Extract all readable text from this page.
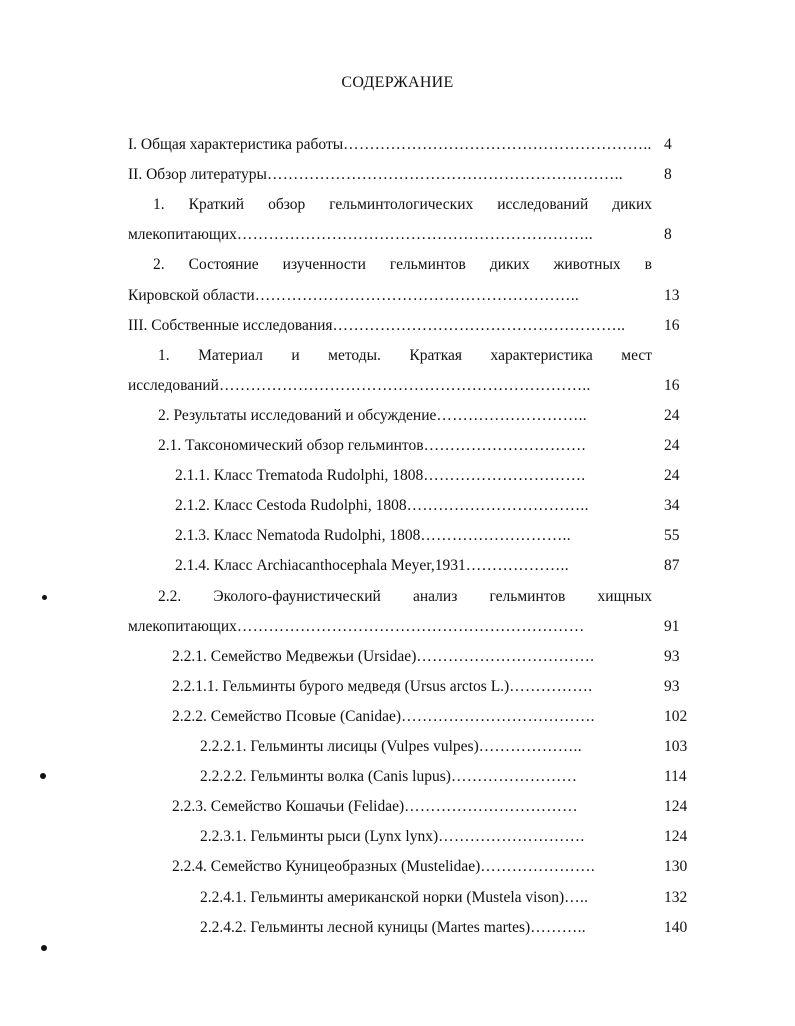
СОДЕРЖАНИЕ
I. Общая характеристика работы………………………………………………….. 4
II. Обзор литературы…………………………………………………………..	8
1. Краткий обзор гельминтологических исследований диких
млекопитающих…………………………………………………………..	8
2. Состояние изученности гельминтов диких животных в
Кировской области……………………………………………………..	13
III. Собственные исследования………………………………………………..	16
1. Материал и методы. Краткая характеристика мест
исследований……………………………………………………………..	16
2. Результаты исследований и обсуждение………………………..	24
2.1. Таксономический обзор гельминтов………………………….	24
2.1.1. Класс Trematoda Rudolphi, 1808………………………….	24
2.1.2. Класс Cestoda Rudolphi, 1808……………………………..	34
2.1.3. Класс Nematoda Rudolphi, 1808………………………..	55
2.1.4. Класс Archiacanthocephala Meyer,1931………………..	87
2.2. Эколого-фаунистический анализ гельминтов хищных
млекопитающих…………………………………………………………	91
2.2.1. Семейство Медвежьи (Ursidae)…………………………….	93
2.2.1.1. Гельминты бурого медведя (Ursus arctos L.)…………….	93
2.2.2. Семейство Псовые (Canidae)……………………………….	102
2.2.2.1. Гельминты лисицы (Vulpes vulpes)………………..	103
2.2.2.2. Гельминты волка (Canis lupus)……………………	114
2.2.3. Семейство Кошачьи (Felidae)……………………………	124
2.2.3.1. Гельминты рыси (Lynx lynx)……………………….	124
2.2.4. Семейство Куницеобразных (Mustelidae)………………….	130
2.2.4.1. Гельминты американской норки (Mustela vison)…..	132
2.2.4.2. Гельминты лесной куницы (Martes martes)………..	140
